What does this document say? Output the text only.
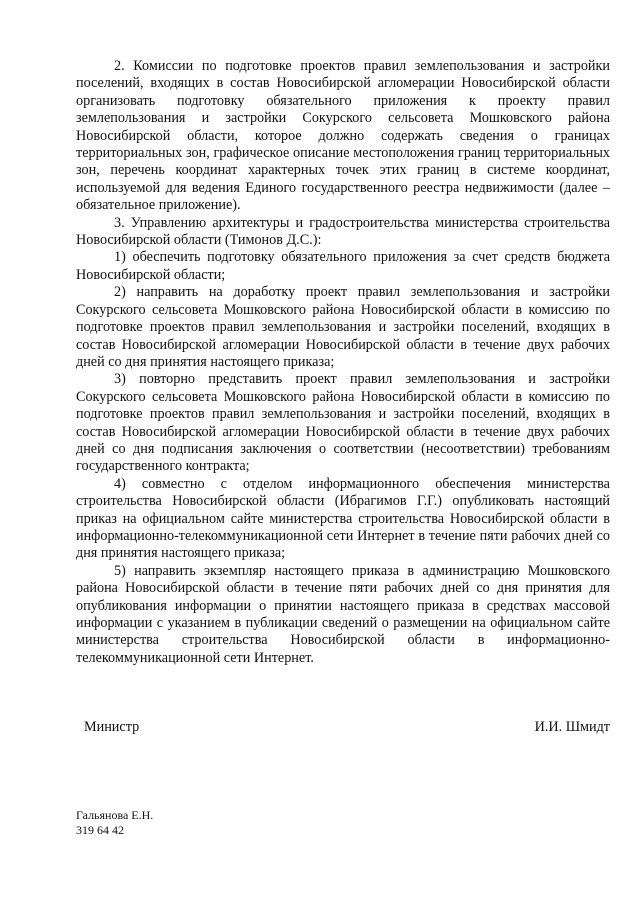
2. Комиссии по подготовке проектов правил землепользования и застройки поселений, входящих в состав Новосибирской агломерации Новосибирской области организовать подготовку обязательного приложения к проекту правил землепользования и застройки Сокурского сельсовета Мошковского района Новосибирской области, которое должно содержать сведения о границах территориальных зон, графическое описание местоположения границ территориальных зон, перечень координат характерных точек этих границ в системе координат, используемой для ведения Единого государственного реестра недвижимости (далее – обязательное приложение).

3. Управлению архитектуры и градостроительства министерства строительства Новосибирской области (Тимонов Д.С.):

1) обеспечить подготовку обязательного приложения за счет средств бюджета Новосибирской области;

2) направить на доработку проект правил землепользования и застройки Сокурского сельсовета Мошковского района Новосибирской области в комиссию по подготовке проектов правил землепользования и застройки поселений, входящих в состав Новосибирской агломерации Новосибирской области в течение двух рабочих дней со дня принятия настоящего приказа;

3) повторно представить проект правил землепользования и застройки Сокурского сельсовета Мошковского района Новосибирской области в комиссию по подготовке проектов правил землепользования и застройки поселений, входящих в состав Новосибирской агломерации Новосибирской области в течение двух рабочих дней со дня подписания заключения о соответствии (несоответствии) требованиям государственного контракта;

4) совместно с отделом информационного обеспечения министерства строительства Новосибирской области (Ибрагимов Г.Г.) опубликовать настоящий приказ на официальном сайте министерства строительства Новосибирской области в информационно-телекоммуникационной сети Интернет в течение пяти рабочих дней со дня принятия настоящего приказа;

5) направить экземпляр настоящего приказа в администрацию Мошковского района Новосибирской области в течение пяти рабочих дней со дня принятия для опубликования информации о принятии настоящего приказа в средствах массовой информации с указанием в публикации сведений о размещении на официальном сайте министерства строительства Новосибирской области в информационно-телекоммуникационной сети Интернет.

Министр	И.И. Шмидт
Гальянова Е.Н.
319 64 42
